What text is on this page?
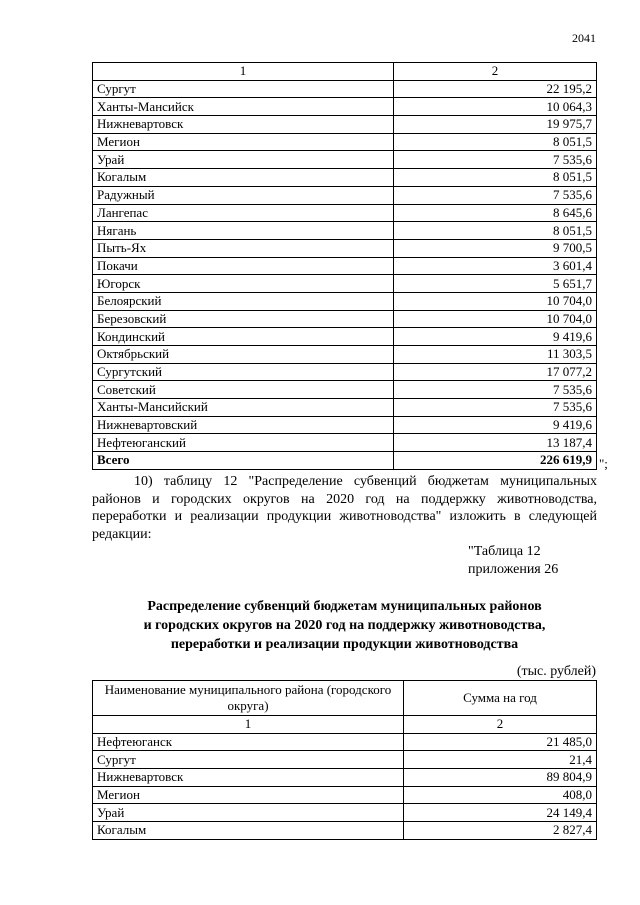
2041
1	2
Сургут	22 195,2
Ханты-Мансийск	10 064,3
Нижневартовск	19 975,7
Мегион	8 051,5
Урай	7 535,6
Когалым	8 051,5
Радужный	7 535,6
Лангепас	8 645,6
Нягань	8 051,5
Пыть-Ях	9 700,5
Покачи	3 601,4
Югорск	5 651,7
Белоярский	10 704,0
Березовский	10 704,0
Кондинский	9 419,6
Октябрьский	11 303,5
Сургутский	17 077,2
Советский	7 535,6
Ханты-Мансийский	7 535,6
Нижневартовский	9 419,6
Нефтеюганский	13 187,4
Всего	226 619,9 ";
10) таблицу 12 "Распределение субвенций бюджетам муниципальных районов и городских округов на 2020 год на поддержку животноводства, переработки и реализации продукции животноводства" изложить в следующей редакции:
"Таблица 12
приложения 26
Распределение субвенций бюджетам муниципальных районов
и городских округов на 2020 год на поддержку животноводства,
переработки и реализации продукции животноводства
(тыс. рублей)
Наименование муниципального района (городского округа)	Сумма на год
1	2
Нефтеюганск	21 485,0
Сургут	21,4
Нижневартовск	89 804,9
Мегион	408,0
Урай	24 149,4
Когалым	2 827,4
